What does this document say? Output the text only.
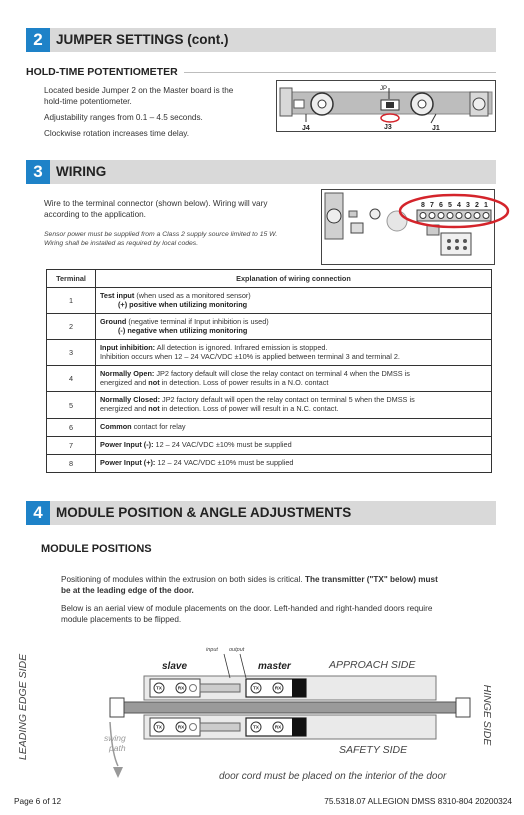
2 JUMPER SETTINGS (cont.)
HOLD-TIME POTENTIOMETER
Located beside Jumper 2 on the Master board is the
hold-time potentiometer.
Adjustability ranges from 0.1 – 4.5 seconds.
Clockwise rotation increases time delay.
J4	J3	J1
JP
3 WIRING
Wire to the terminal connector (shown below). Wiring will vary
according to the application.
Sensor power must be supplied from a Class 2 supply source limited to 15 W.
Wiring shall be installed as required by local codes.
8 7 6 5 4 3 2 1
Terminal	Explanation of wiring connection
1	Test input (when used as a monitored sensor)
(+) positive when utilizing monitoring

2	Ground (negative terminal if Input inhibition is used)
(-) negative when utilizing monitoring

3	Input inhibition: All detection is ignored. Infrared emission is stopped.
Inhibition occurs when 12 – 24 VAC/VDC ±10% is applied between terminal 3 and terminal 2.
4	Normally Open: JP2 factory default will close the relay contact on terminal 4 when the DMSS is
energized and not in detection. Loss of power results in a N.O. contact
5	Normally Closed: JP2 factory default will open the relay contact on terminal 5 when the DMSS is
energized and not in detection. Loss of power will result in a N.C. contact.
6	Common contact for relay
7	Power Input (-): 12 – 24 VAC/VDC ±10% must be supplied
8	Power Input (+): 12 – 24 VAC/VDC ±10% must be supplied
4 MODULE POSITION & ANGLE ADJUSTMENTS
MODULE POSITIONS
Positioning of modules within the extrusion on both sides is critical. The transmitter ("TX" below) must
be at the leading edge of the door.
Below is an aerial view of module placements on the door. Left-handed and right-handed doors require
module placements to be flipped.
TX	RX	TX	RX
TX	RX	TX	RX
input output
slave	master	APPROACH SIDE
SAFETY SIDE
LEADING EDGE SIDE	HINGE SIDE
swing
path
door cord must be placed on the interior of the door
Page 6 of 12	75.5318.07 ALLEGION DMSS 8310-804 20200324
